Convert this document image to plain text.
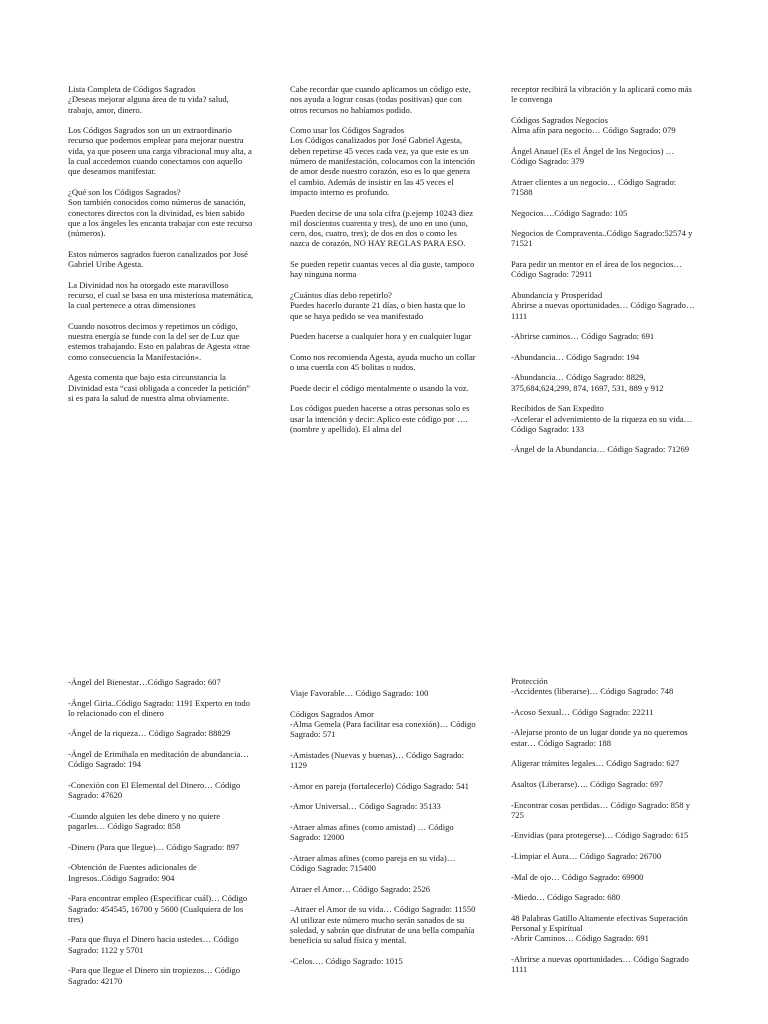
Lista Completa de Códigos Sagrados
¿Deseas mejorar alguna área de tu vida? salud, trabajo, amor, dinero.

Los Códigos Sagrados son un un extraordinario recurso que podemos emplear para mejorar nuestra vida, ya que poseen una carga vibracional muy alta, a la cual accedemos cuando conectamos con aquello que deseamos manifestar.

¿Qué son los Códigos Sagrados?
Son también conocidos como números de sanación, conectores directos con la divinidad, es bien sabido que a los ángeles les encanta trabajar con este recurso (números).

Estos números sagrados fueron canalizados por José Gabriel Uribe Agesta.

La Divinidad nos ha otorgado este maravilloso recurso, el cual se basa en una misteriosa matemática, la cual pertenece a otras dimensiones

Cuando nosotros decimos y repetimos un código, nuestra energía se funde con la del ser de Luz que estemos trabajando. Esto en palabras de Agesta «trae como consecuencia la Manifestación».

Agesta comenta que bajo esta circunstancia la Divinidad esta “casi obligada a conceder la petición” si es para la salud de nuestra alma obviamente.

Cabe recordar que cuando aplicamos un código este, nos ayuda a lograr cosas (todas positivas) que con otros recursos no habíamos podido.

Como usar los Códigos Sagrados
Los Códigos canalizados por José Gabriel Agesta, deben repetirse 45 veces cada vez, ya que este es un número de manifestación, colocamos con la intención de amor desde nuestro corazón, eso es lo que genera el cambio. Además de insistir en las 45 veces el impacto interno es profundo.

Pueden decirse de una sola cifra (p.ejemp 10243 diez mil doscientos cuarenta y tres), de uno en uno (uno, cero, dos, cuatro, tres); de dos en dos o como les nazca de corazón, NO HAY REGLAS PARA ESO.

Se pueden repetir cuantas veces al día guste, tampoco hay ninguna norma

¿Cuántos días debo repetirlo?
Puedes hacerlo durante 21 días, o bien hasta que lo que se haya pedido se vea manifestado

Pueden hacerse a cualquier hora y en cualquier lugar

Como nos recomienda Agesta, ayuda mucho un collar o una cuerda con 45 bolitas o nudos.

Puede decir el código mentalmente o usando la voz.

Los códigos pueden hacerse a otras personas solo es usar la intención y decir: Aplico este código por …. (nombre y apellido). El alma del

receptor recibirá la vibración y la aplicará como más le convenga

Códigos Sagrados Negocios
Alma afín para negocio… Código Sagrado: 079

Ángel Anauel (Es el Ángel de los Negocios) … Código Sagrado: 379

Atraer clientes a un negocio… Código Sagrado: 71588

Negocios….Código Sagrado: 105

Negocios de Compraventa..Código Sagrado:52574 y 71521

Para pedir un mentor en el área de los negocios… Código Sagrado: 72911

Abundancia y Prosperidad
Abrirse a nuevas oportunidades… Código Sagrado… 1111

-Abrirse caminos… Código Sagrado: 691

-Abundancia… Código Sagrado: 194

-Abundancia… Código Sagrado: 8829, 375,684,624,299, 874, 1697, 531, 889 y 912

Recibidos de San Expedito
-Acelerar el advenimiento de la riqueza en su vida… Código Sagrado: 133

-Ángel de la Abundancia… Código Sagrado: 71269

-Ángel del Bienestar…Código Sagrado: 607

-Ángel Giria..Código Sagrado: 1191 Experto en todo lo relacionado con el dinero

-Ángel de la riqueza… Código Sagrado: 88829

-Ángel de Erimihala en meditación de abundancia… Código Sagrado: 194

-Conexión con El Elemental del Dinero… Código Sagrado: 47620

-Cuando alguien les debe dinero y no quiere pagarles… Código Sagrado: 858

-Dinero (Para que llegue)… Código Sagrado: 897

-Obtención de Fuentes adicionales de Ingresos..Código Sagrado: 904

-Para encontrar empleo (Especificar cuál)… Código Sagrado: 454545, 16700 y 5600 (Cualquiera de los tres)

-Para que fluya el Dinero hacia ustedes… Código Sagrado: 1122 y 5701

-Para que llegue el Dinero sin tropiezos… Código Sagrado: 42170

Viaje Favorable… Código Sagrado: 100

Códigos Sagrados Amor
-Alma Gemela (Para facilitar esa conexión)… Código Sagrado: 571

-Amistades (Nuevas y buenas)… Código Sagrado: 1129

-Amor en pareja (fortalecerlo) Código Sagrado: 541

-Amor Universal… Código Sagrado: 35133

-Atraer almas afines (como amistad) … Código Sagrado: 12000

-Atraer almas afines (como pareja en su vida)… Código Sagrado: 715400

Atraer el Amor… Código Sagrado: 2526

–Atraer el Amor de su vida… Código Sagrado: 11550 Al utilizar este número mucho serán sanados de su soledad, y sabrán que disfrutar de una bella compañía beneficia su salud física y mental.

-Celos…. Código Sagrado: 1015

Protección
-Accidentes (liberarse)… Código Sagrado: 748

-Acoso Sexual… Código Sagrado: 22211

-Alejarse pronto de un lugar donde ya no queremos estar… Código Sagrado: 188

Aligerar trámites legales… Código Sagrado: 627

Asaltos (Liberarse)…. Código Sagrado: 697

-Encontrar cosas perdidas… Código Sagrado: 858 y 725

-Envidias (para protegerse)… Código Sagrado: 615

-Limpiar el Aura… Código Sagrado: 26700

-Mal de ojo… Código Sagrado: 69900

-Miedo… Código Sagrado: 680

48 Palabras Gatillo Altamente efectivas Superación Personal y Espiritual
-Abrir Caminos… Código Sagrado: 691

-Abrirse a nuevas oportunidades… Código Sagrado 1111
